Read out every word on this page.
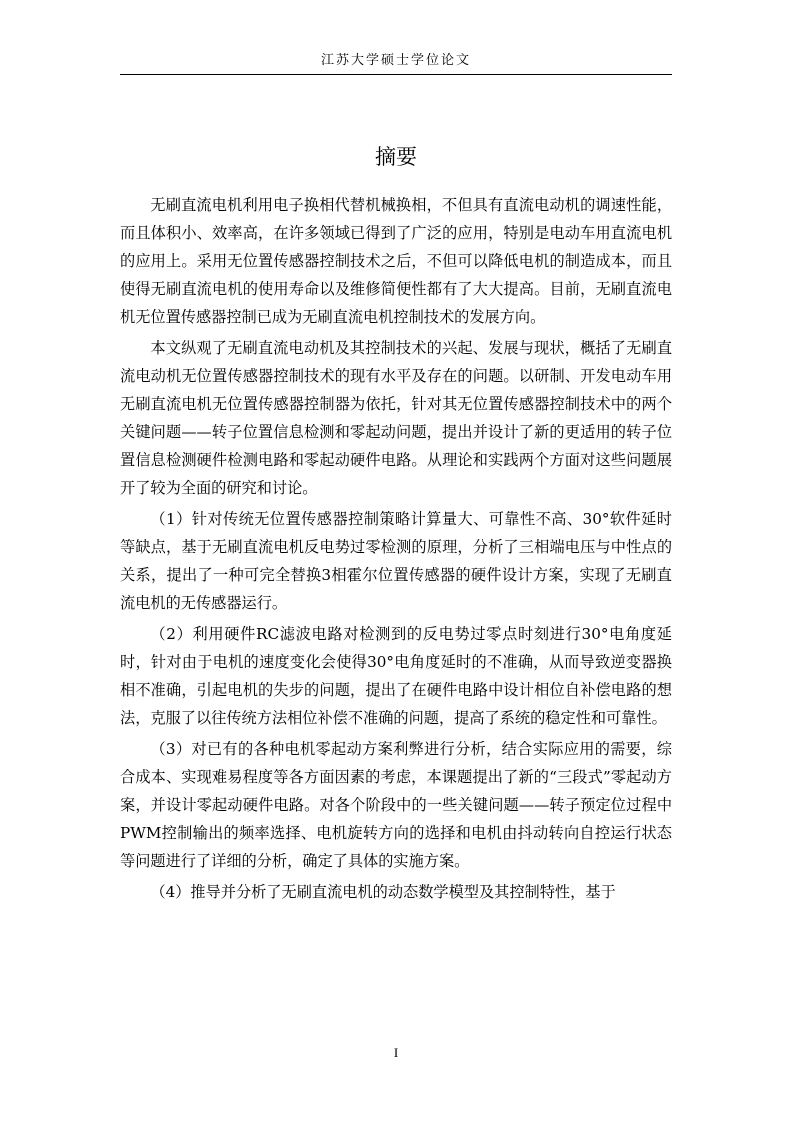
江苏大学硕士学位论文
摘要

无刷直流电机利用电子换相代替机械换相，不但具有直流电动机的调速性能，而且体积小、效率高，在许多领域已得到了广泛的应用，特别是电动车用直流电机的应用上。采用无位置传感器控制技术之后，不但可以降低电机的制造成本，而且使得无刷直流电机的使用寿命以及维修简便性都有了大大提高。目前，无刷直流电机无位置传感器控制已成为无刷直流电机控制技术的发展方向。

本文纵观了无刷直流电动机及其控制技术的兴起、发展与现状，概括了无刷直流电动机无位置传感器控制技术的现有水平及存在的问题。以研制、开发电动车用无刷直流电机无位置传感器控制器为依托，针对其无位置传感器控制技术中的两个关键问题——转子位置信息检测和零起动问题，提出并设计了新的更适用的转子位置信息检测硬件检测电路和零起动硬件电路。从理论和实践两个方面对这些问题展开了较为全面的研究和讨论。

（1）针对传统无位置传感器控制策略计算量大、可靠性不高、30°软件延时等缺点，基于无刷直流电机反电势过零检测的原理，分析了三相端电压与中性点的关系，提出了一种可完全替换3相霍尔位置传感器的硬件设计方案，实现了无刷直流电机的无传感器运行。

（2）利用硬件RC滤波电路对检测到的反电势过零点时刻进行30°电角度延时，针对由于电机的速度变化会使得30°电角度延时的不准确，从而导致逆变器换相不准确，引起电机的失步的问题，提出了在硬件电路中设计相位自补偿电路的想法，克服了以往传统方法相位补偿不准确的问题，提高了系统的稳定性和可靠性。

（3）对已有的各种电机零起动方案利弊进行分析，结合实际应用的需要，综合成本、实现难易程度等各方面因素的考虑，本课题提出了新的“三段式”零起动方案，并设计零起动硬件电路。对各个阶段中的一些关键问题——转子预定位过程中PWM控制输出的频率选择、电机旋转方向的选择和电机由抖动转向自控运行状态等问题进行了详细的分析，确定了具体的实施方案。

（4）推导并分析了无刷直流电机的动态数学模型及其控制特性，基于

I
